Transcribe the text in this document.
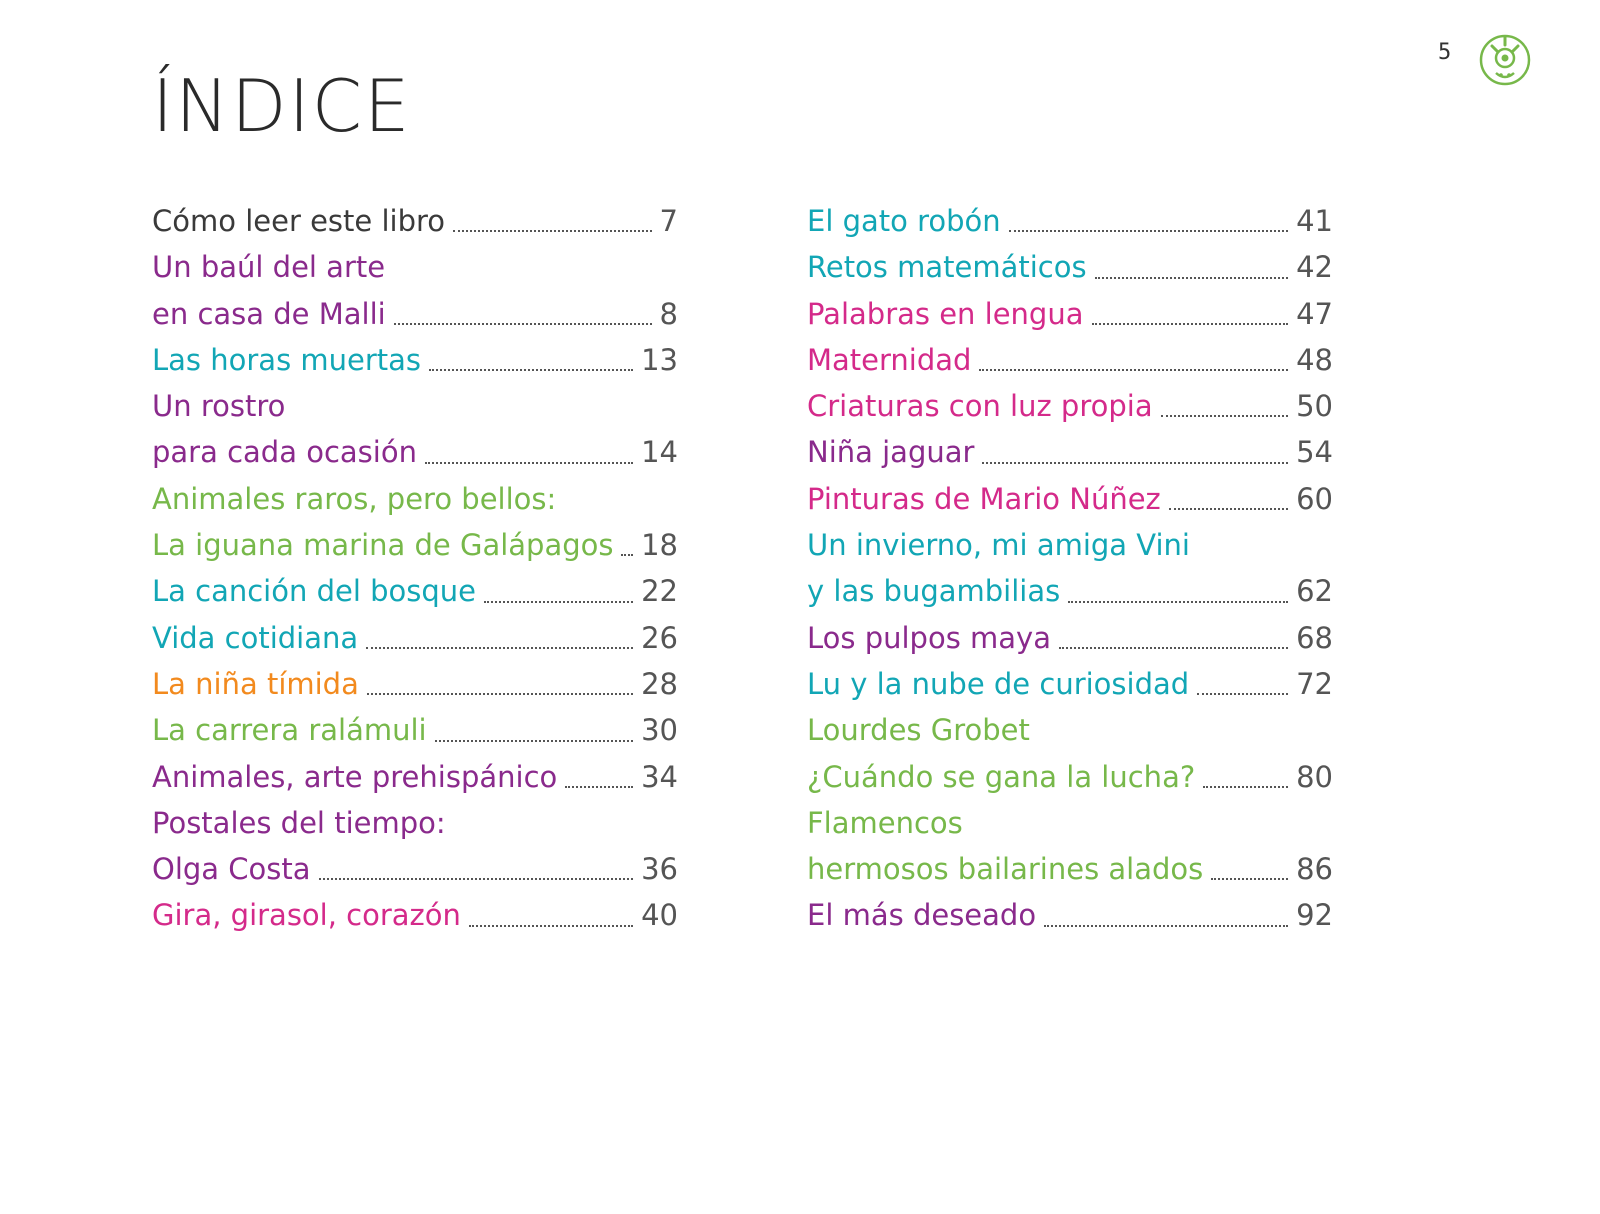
5
ÍNDICE
Cómo leer este libro	7
Un baúl del arte
en casa de Malli	8
Las horas muertas	13
Un rostro
para cada ocasión	14
Animales raros, pero bellos:
La iguana marina de Galápagos 18
La canción del bosque	22
Vida cotidiana	26
La niña tímida	28
La carrera ralámuli	30
Animales, arte prehispánico	34
Postales del tiempo:
Olga Costa	36
Gira, girasol, corazón	40
El gato robón	41
Retos matemáticos	42
Palabras en lengua	47
Maternidad	48
Criaturas con luz propia	50
Niña jaguar	54
Pinturas de Mario Núñez	60
Un invierno, mi amiga Vini
y las bugambilias	62
Los pulpos maya	68
Lu y la nube de curiosidad	72
Lourdes Grobet
¿Cuándo se gana la lucha?	80
Flamencos
hermosos bailarines alados	86
El más deseado	92
